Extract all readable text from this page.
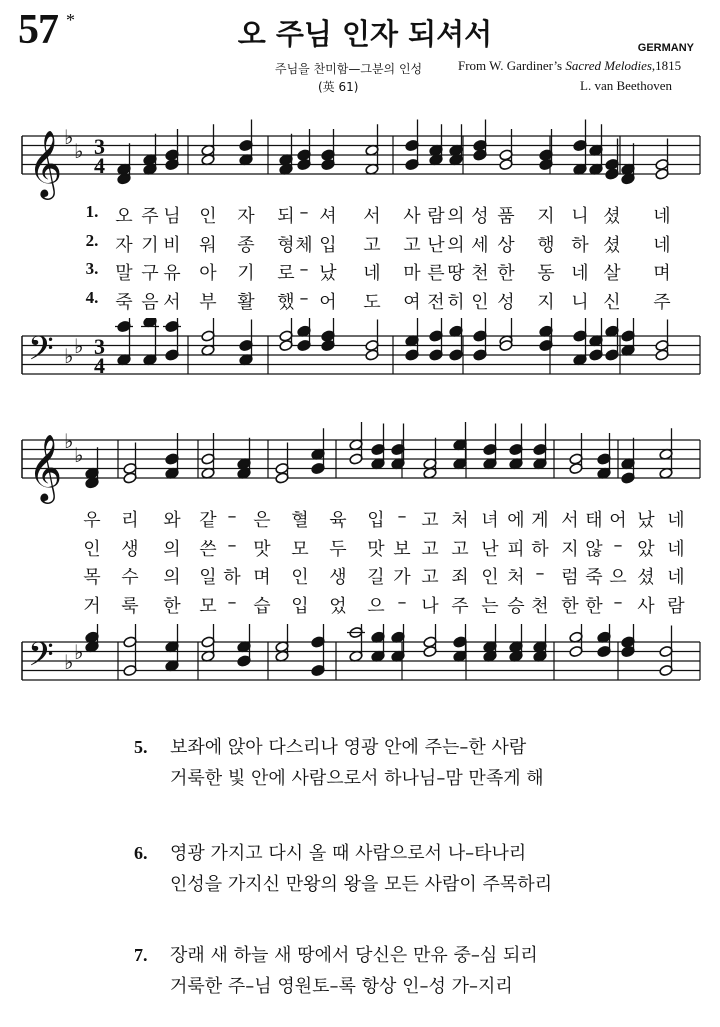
57 *	오 주님 인자 되셔서	GERMANY
주님을 찬미함—그분의 인성
(英 61)
From W. Gardiner’s Sacred Melodies,1815
L. van Beethoven
𝄞 ♭
♭ 3
4
1. 오 주 님 인 자 되 – 셔 서 사 람 의 성 품 지 니 셨 네
2. 자 기 비 워 종 형 체 입 고 고 난 의 세 상 행 하 셨 네
3. 말 구 유 아 기 로 – 났 네 마 른 땅 천 한 동 네 살 며
4. 죽 음 서 부 활 했 – 어 도 여 전 히 인 성 지 니 신 주
𝄢 ♭ ♭ 3
4
𝄞 ♭
♭
우 리 와 같 – 은 혈 육 입 – 고 처 녀 에 게 서 태 어 났 네
인 생 의 쓴 – 맛 모 두 맛 보 고 고 난 피 하 지 않 – 았 네
목 수 의 일 하 며 인 생 길 가 고 죄 인 처 – 럼 죽 으 셨 네
거 룩 한 모 – 습 입 었 으 – 나 주 는 승 천 한 한 – 사 람
𝄢 ♭ ♭
5. 보좌에 앉아 다스리나 영광 안에 주는–한 사람
거룩한 빛 안에 사람으로서 하나님–맘 만족게 해
6. 영광 가지고 다시 올 때 사람으로서 나–타나리
인성을 가지신 만왕의 왕을 모든 사람이 주목하리
7. 장래 새 하늘 새 땅에서 당신은 만유 중–심 되리
거룩한 주–님 영원토–록 항상 인–성 가–지리
